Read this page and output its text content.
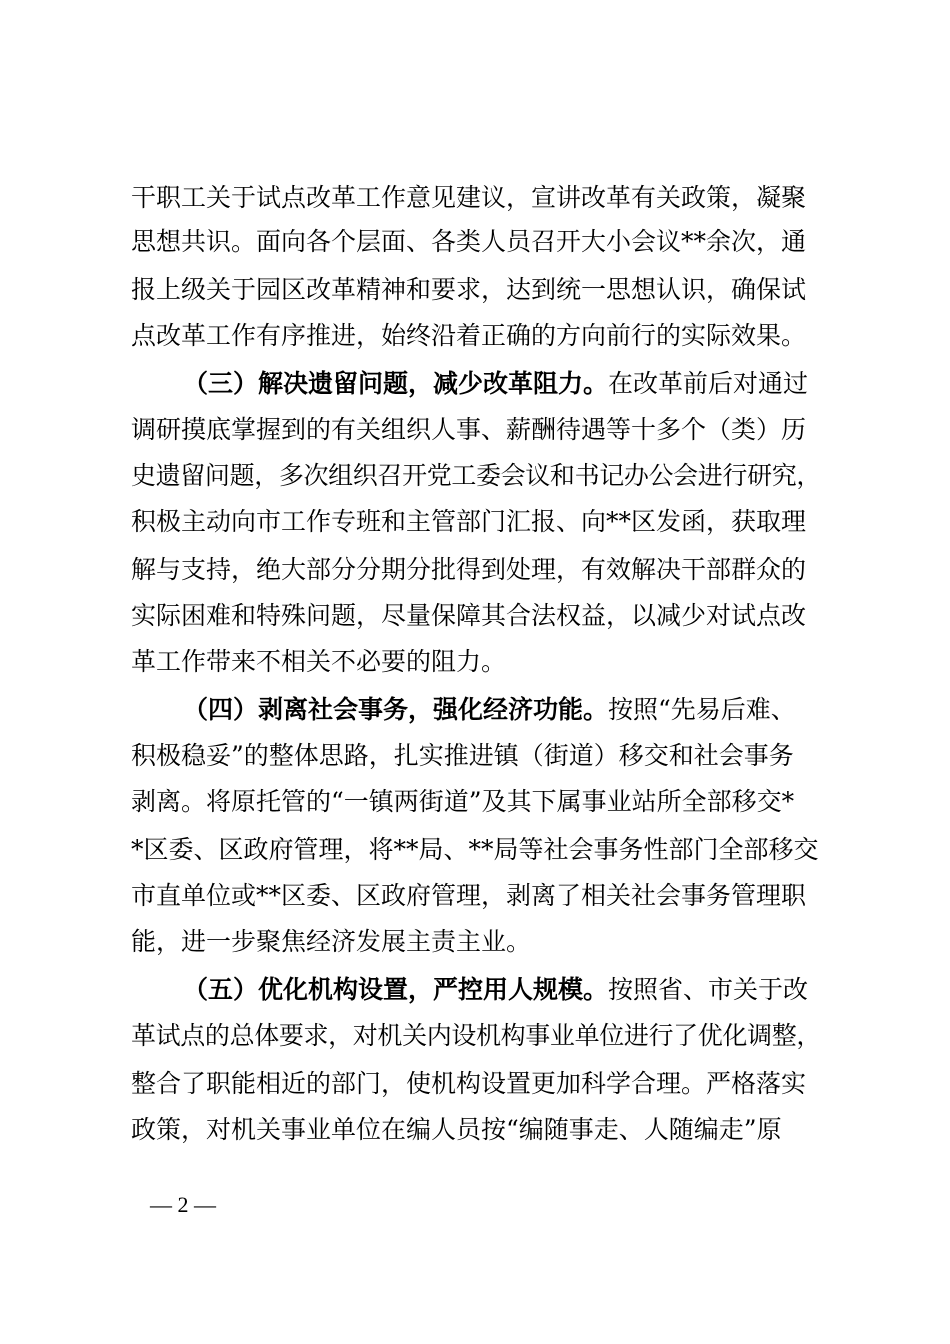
干职工关于试点改革工作意见建议，宣讲改革有关政策，凝聚
思想共识。面向各个层面、各类人员召开大小会议**余次，通
报上级关于园区改革精神和要求，达到统一思想认识，确保试
点改革工作有序推进，始终沿着正确的方向前行的实际效果。
（三）解决遗留问题，减少改革阻力。在改革前后对通过
调研摸底掌握到的有关组织人事、薪酬待遇等十多个（类）历
史遗留问题，多次组织召开党工委会议和书记办公会进行研究，
积极主动向市工作专班和主管部门汇报、向**区发函，获取理
解与支持，绝大部分分期分批得到处理，有效解决干部群众的
实际困难和特殊问题，尽量保障其合法权益，以减少对试点改
革工作带来不相关不必要的阻力。
（四）剥离社会事务，强化经济功能。按照“先易后难、
积极稳妥”的整体思路，扎实推进镇（街道）移交和社会事务
剥离。将原托管的“一镇两街道”及其下属事业站所全部移交*
*区委、区政府管理，将**局、**局等社会事务性部门全部移交
市直单位或**区委、区政府管理，剥离了相关社会事务管理职
能，进一步聚焦经济发展主责主业。
（五）优化机构设置，严控用人规模。按照省、市关于改
革试点的总体要求，对机关内设机构事业单位进行了优化调整，
整合了职能相近的部门，使机构设置更加科学合理。严格落实
政策，对机关事业单位在编人员按“编随事走、人随编走”原
— 2 —
